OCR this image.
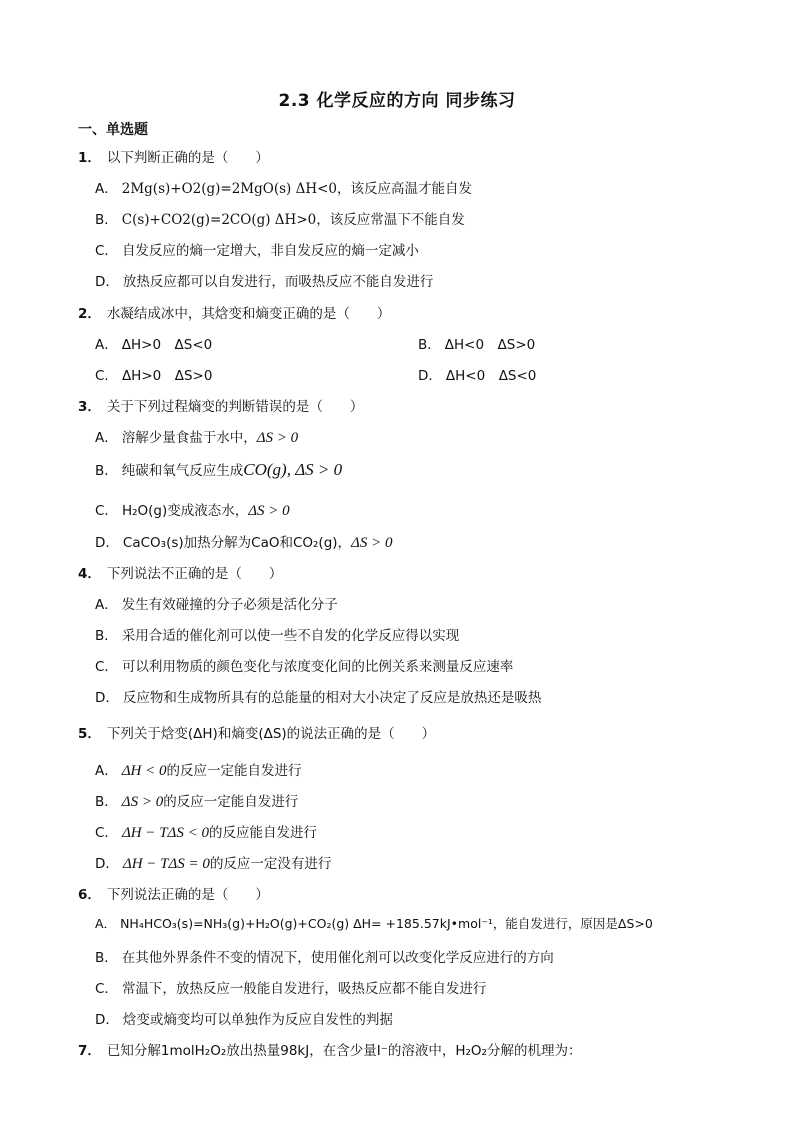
2.3 化学反应的方向 同步练习
一、单选题
1． 以下判断正确的是（　　）
A． 2Mg(s)+O2(g)=2MgO(s) ΔH<0，该反应高温才能自发
B． C(s)+CO2(g)=2CO(g) ΔH>0，该反应常温下不能自发
C． 自发反应的熵一定增大，非自发反应的熵一定减小
D． 放热反应都可以自发进行，而吸热反应不能自发进行
2． 水凝结成冰中，其焓变和熵变正确的是（　　）
A． ΔH>0　ΔS<0	B． ΔH<0　ΔS>0
C． ΔH>0　ΔS>0	D． ΔH<0　ΔS<0
3． 关于下列过程熵变的判断错误的是（　　）
A． 溶解少量食盐于水中，ΔS > 0
B． 纯碳和氧气反应生成CO(g), ΔS > 0
C． H₂O(g)变成液态水，ΔS > 0
D． CaCO₃(s)加热分解为CaO和CO₂(g)，ΔS > 0
4． 下列说法不正确的是（　　）
A． 发生有效碰撞的分子必须是活化分子
B． 采用合适的催化剂可以使一些不自发的化学反应得以实现
C． 可以利用物质的颜色变化与浓度变化间的比例关系来测量反应速率
D． 反应物和生成物所具有的总能量的相对大小决定了反应是放热还是吸热
5． 下列关于焓变(ΔH)和熵变(ΔS)的说法正确的是（　　）
A． ΔH < 0的反应一定能自发进行
B． ΔS > 0的反应一定能自发进行
C． ΔH − TΔS < 0的反应能自发进行
D． ΔH − TΔS = 0的反应一定没有进行
6． 下列说法正确的是（　　）
A． NH₄HCO₃(s)=NH₃(g)+H₂O(g)+CO₂(g) ΔH= +185.57kJ•mol⁻¹，能自发进行，原因是ΔS>0
B． 在其他外界条件不变的情况下，使用催化剂可以改变化学反应进行的方向
C． 常温下，放热反应一般能自发进行，吸热反应都不能自发进行
D． 焓变或熵变均可以单独作为反应自发性的判据
7． 已知分解1molH₂O₂放出热量98kJ，在含少量I⁻的溶液中，H₂O₂分解的机理为：
